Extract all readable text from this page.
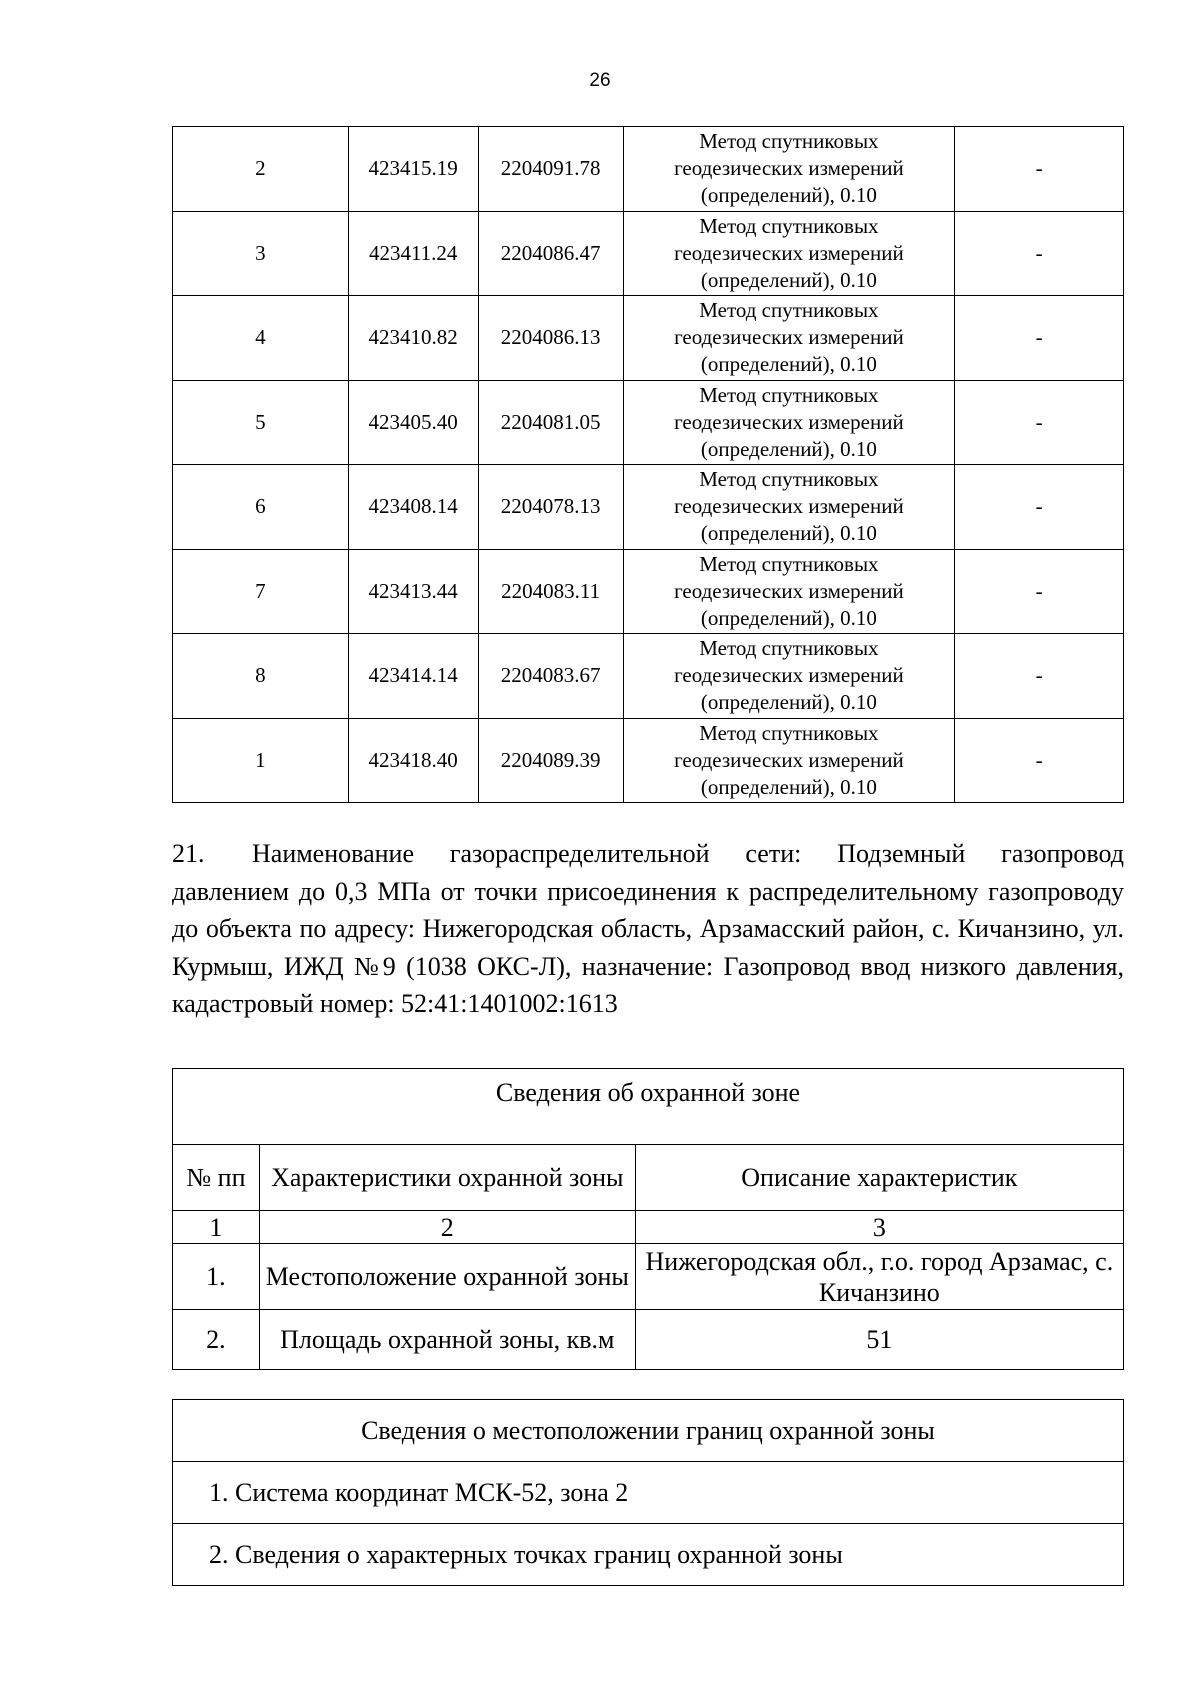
26
2	423415.19	2204091.78	Метод спутниковых
геодезических измерений
(определений), 0.10	-
3	423411.24	2204086.47	Метод спутниковых
геодезических измерений
(определений), 0.10	-
4	423410.82	2204086.13	Метод спутниковых
геодезических измерений
(определений), 0.10	-
5	423405.40	2204081.05	Метод спутниковых
геодезических измерений
(определений), 0.10	-
6	423408.14	2204078.13	Метод спутниковых
геодезических измерений
(определений), 0.10	-
7	423413.44	2204083.11	Метод спутниковых
геодезических измерений
(определений), 0.10	-
8	423414.14	2204083.67	Метод спутниковых
геодезических измерений
(определений), 0.10	-
1	423418.40	2204089.39	Метод спутниковых
геодезических измерений
(определений), 0.10	-
21. Наименование газораспределительной сети: Подземный газопровод давлением до 0,3 МПа от точки присоединения к распределительному газопроводу до объекта по адресу: Нижегородская область, Арзамасский район, с. Кичанзино, ул. Курмыш, ИЖД №9 (1038 ОКС-Л), назначение: Газопровод ввод низкого давления, кадастровый номер: 52:41:1401002:1613
Сведения об охранной зоне		
№ пп	Характеристики охранной зоны	Описание характеристик
1	2	3
1.	Местоположение охранной зоны	Нижегородская обл., г.о. город Арзамас, с. Кичанзино
2.	Площадь охранной зоны, кв.м	51
Сведения о местоположении границ охранной зоны
1. Система координат МСК-52, зона 2
2. Сведения о характерных точках границ охранной зоны
